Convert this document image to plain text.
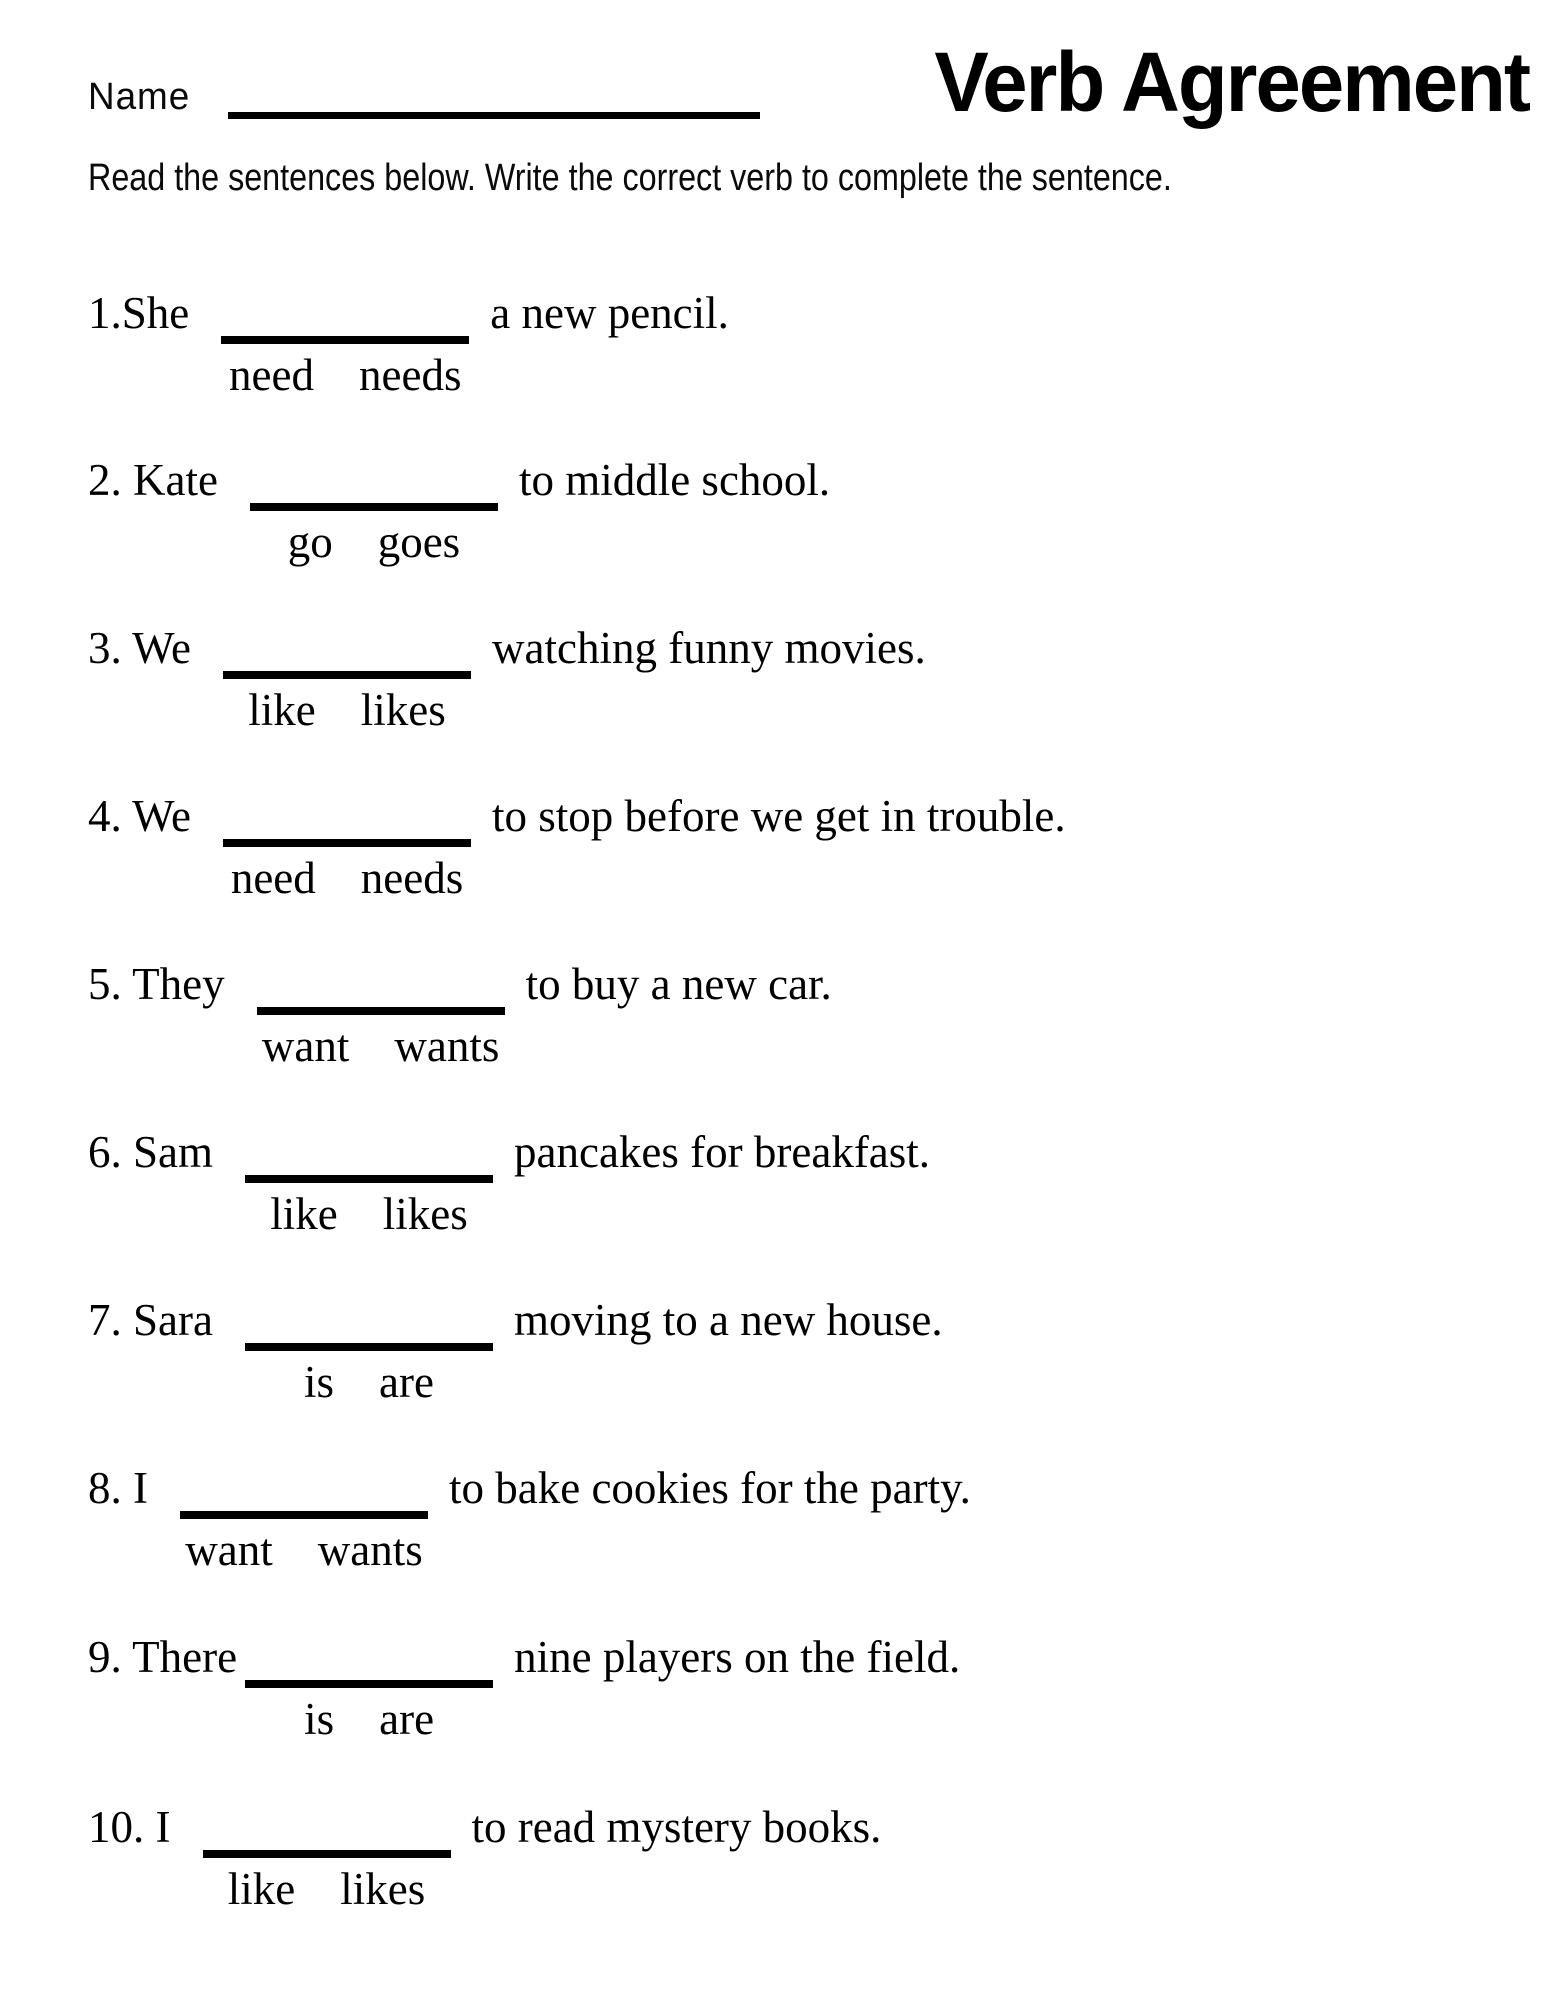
Name	Verb Agreement

Read the sentences below. Write the correct verb to complete the sentence.

1.She
need needs
a new pencil.
2. Kate
go goes
to middle school.
3. We
like likes
watching funny movies.
4. We
need needs
to stop before we get in trouble.
5. They
want wants
to buy a new car.
6. Sam
like likes
pancakes for breakfast.
7. Sara
is are
moving to a new house.
8. I
want wants
to bake cookies for the party.
9. There
is are
nine players on the field.
10. I
like likes
to read mystery books.
